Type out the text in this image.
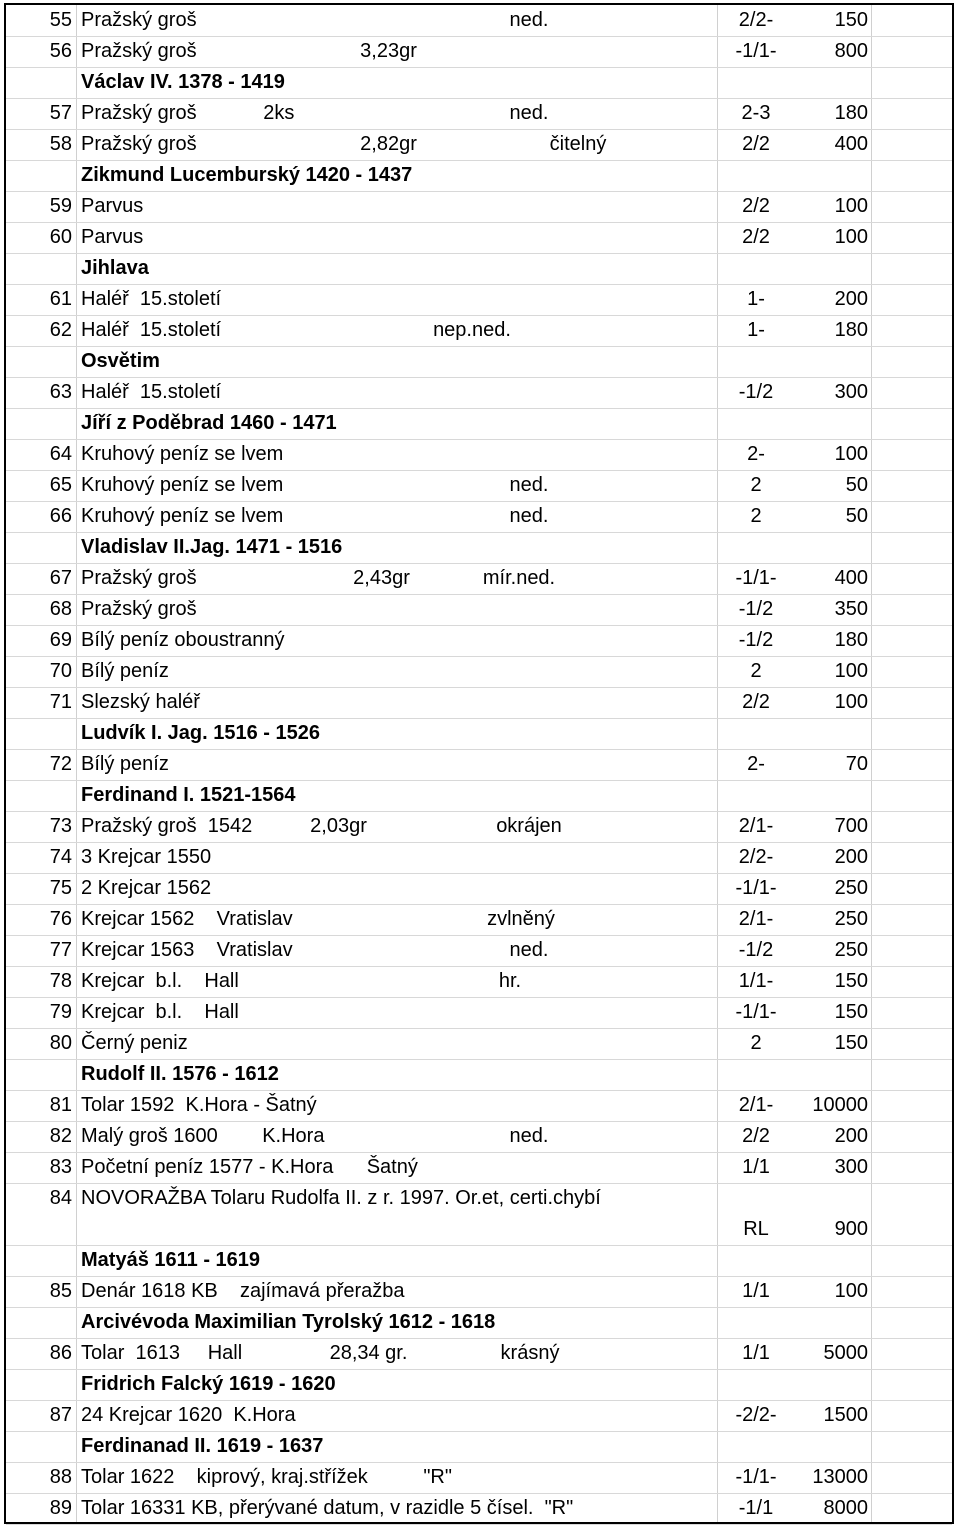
55 Pražský groš	ned.	2/2-	150
56 Pražský groš	3,23gr	-1/1-	800
Václav IV. 1378 - 1419
57 Pražský groš            2ks	ned.	2-3	180
58 Pražský groš	2,82gr	čitelný	2/2	400
Zikmund Lucemburský 1420 - 1437
59 Parvus	2/2	100
60 Parvus	2/2	100
Jihlava
61 Haléř  15.století	1-	200
62 Haléř  15.století	nep.ned.	1-	180
Osvětim
63 Haléř  15.století	-1/2	300
Jíří z Poděbrad 1460 - 1471
64 Kruhový peníz se lvem	2-	100
65 Kruhový peníz se lvem	ned.	2	50
66 Kruhový peníz se lvem	ned.	2	50
Vladislav II.Jag. 1471 - 1516
67 Pražský groš	2,43gr	mír.ned.	-1/1-	400
68 Pražský groš	-1/2	350
69 Bílý peníz oboustranný	-1/2	180
70 Bílý peníz	2	100
71 Slezský haléř	2/2	100
Ludvík I. Jag. 1516 - 1526
72 Bílý peníz	2-	70
Ferdinand I. 1521-1564
73 Pražský groš  1542	2,03gr	okrájen	2/1-	700
74 3 Krejcar 1550	2/2-	200
75 2 Krejcar 1562	-1/1-	250
76 Krejcar 1562    Vratislav	zvlněný	2/1-	250
77 Krejcar 1563    Vratislav	ned.	-1/2	250
78 Krejcar  b.l.    Hall	hr.	1/1-	150
79 Krejcar  b.l.    Hall	-1/1-	150
80 Černý peniz	2	150
Rudolf II. 1576 - 1612
81 Tolar 1592  K.Hora - Šatný	2/1-	10000
82 Malý groš 1600        K.Hora	ned.	2/2	200
83 Početní peníz 1577 - K.Hora      Šatný	1/1	300
84 NOVORAŽBA Tolaru Rudolfa II. z r. 1997. Or.et, certi.chybí
RL	900
Matyáš 1611 - 1619
85 Denár 1618 KB    zajímavá přeražba	1/1	100
Arcivévoda Maximilian Tyrolský 1612 - 1618
86 Tolar  1613     Hall	28,34 gr.	krásný	1/1	5000
Fridrich Falcký 1619 - 1620
87 24 Krejcar 1620  K.Hora	-2/2-	1500
Ferdinanad II. 1619 - 1637
88 Tolar 1622    kiprový, kraj.střížek          "R"	-1/1-	13000
89 Tolar 16331 KB, přerývané datum, v razidle 5 čísel.  "R"	-1/1	8000
